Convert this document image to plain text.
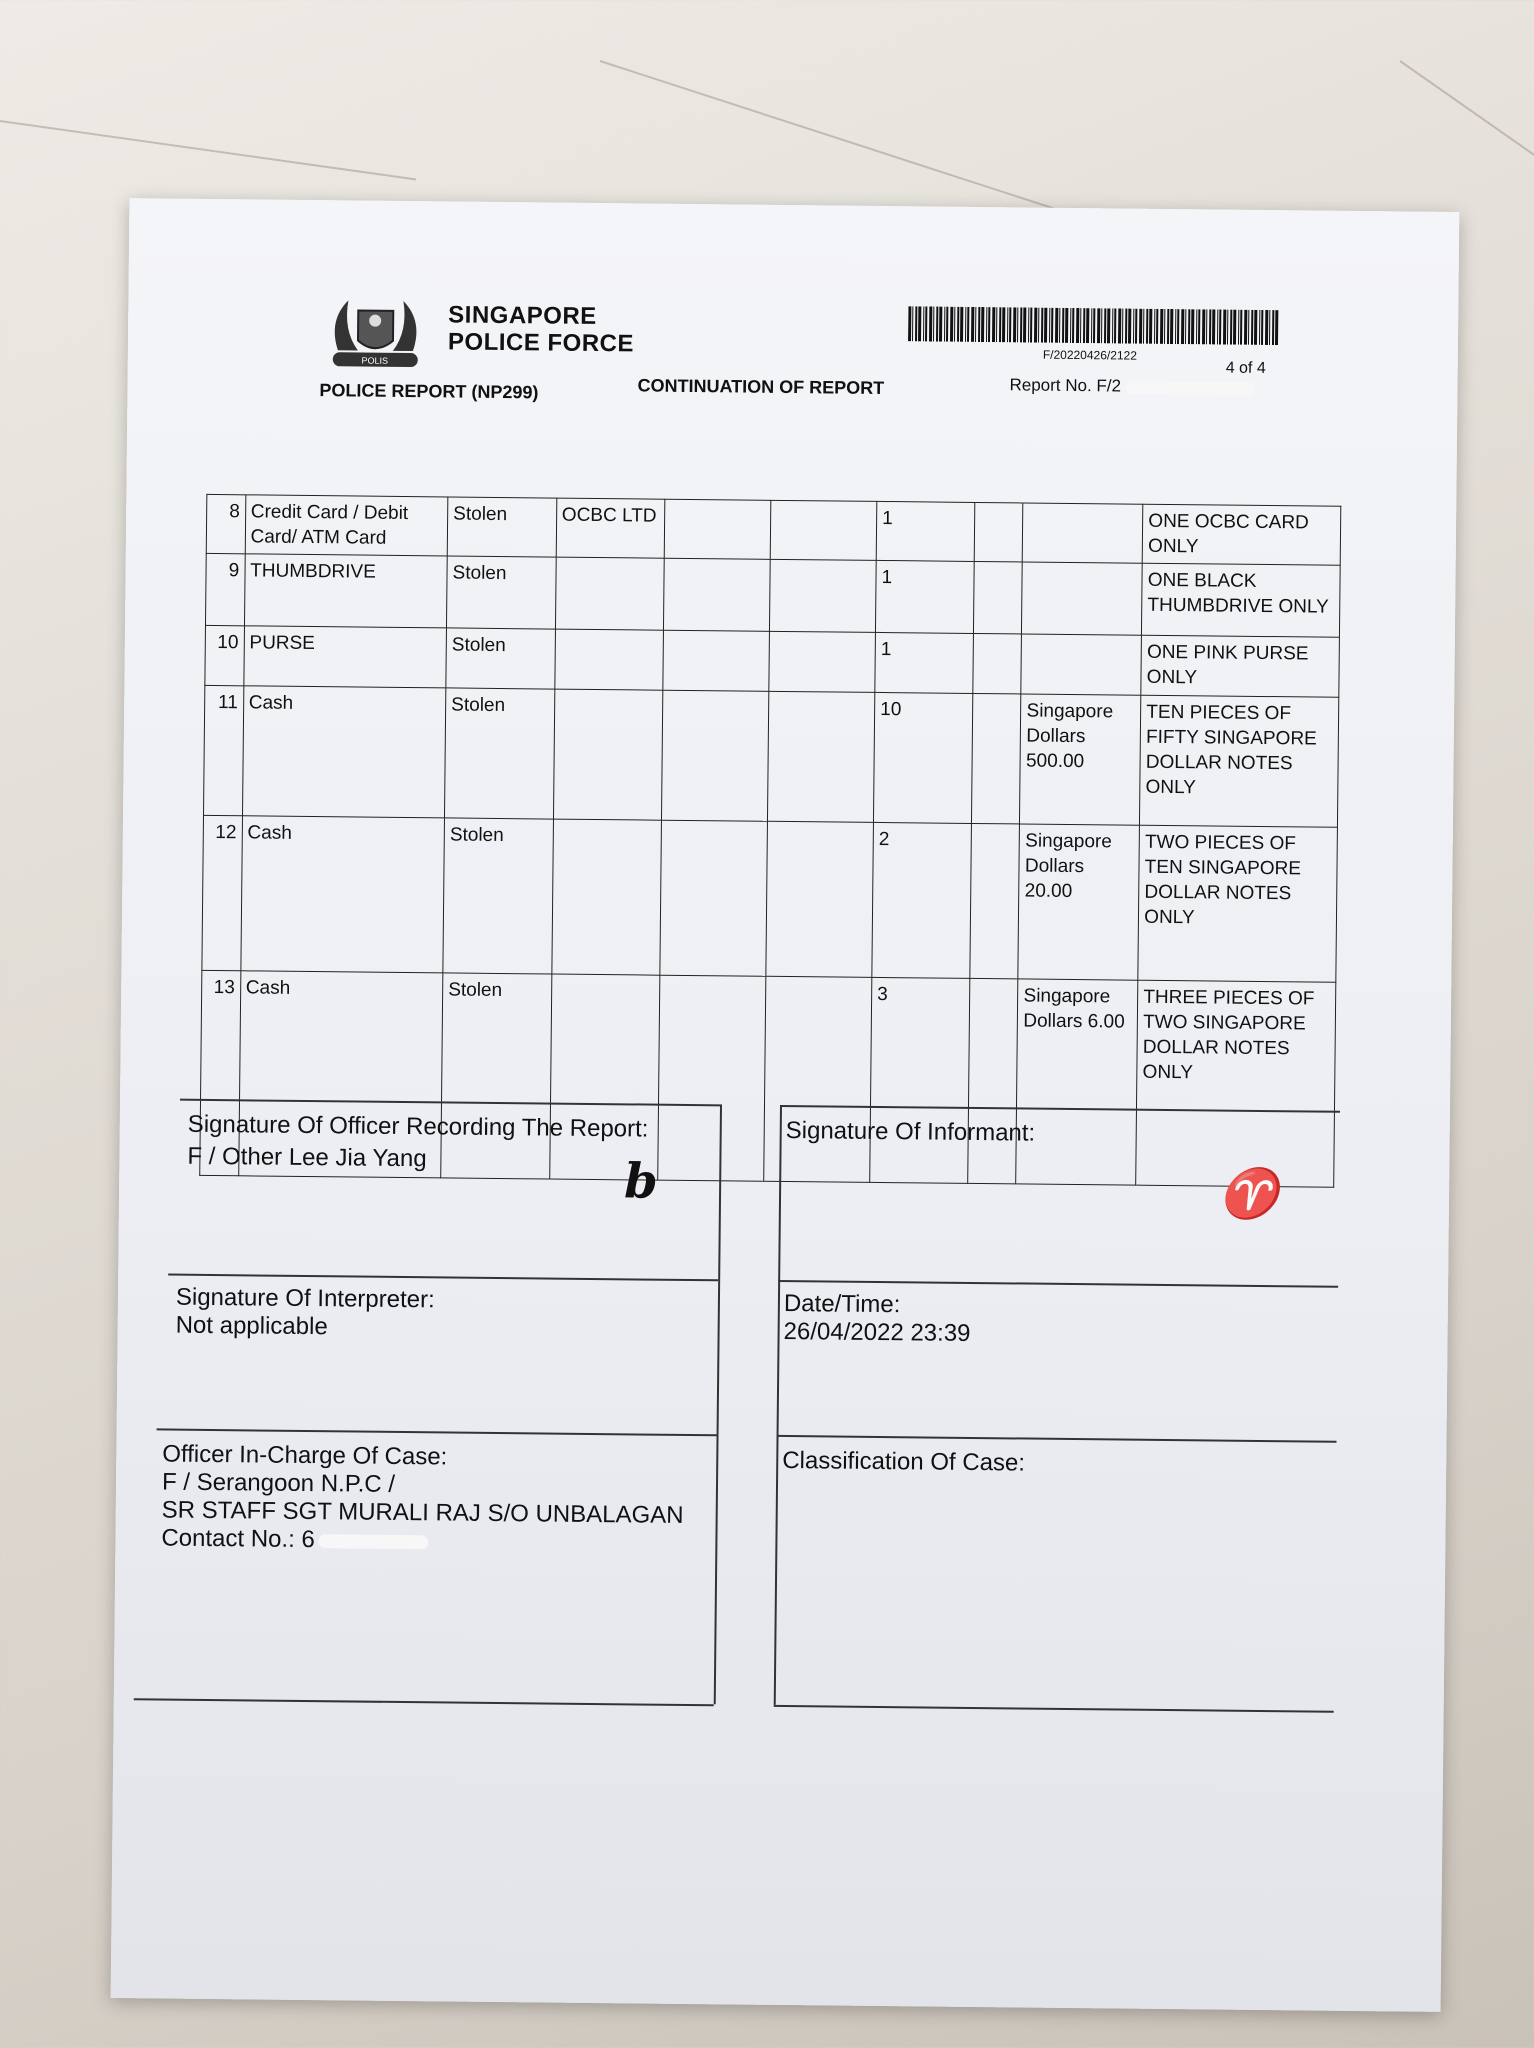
POLIS
SINGAPORE
POLICE FORCE
POLICE REPORT (NP299)	CONTINUATION OF REPORT
F/20220426/2122
4 of 4
Report No. F/2
8	Credit Card / Debit Card/ ATM Card	Stolen	OCBC LTD			1			ONE OCBC CARD ONLY
9	THUMBDRIVE	Stolen				1			ONE BLACK THUMBDRIVE ONLY
10	PURSE	Stolen				1			ONE PINK PURSE ONLY
11	Cash	Stolen				10		Singapore Dollars 500.00	TEN PIECES OF FIFTY SINGAPORE DOLLAR NOTES ONLY
12	Cash	Stolen				2		Singapore Dollars 20.00	TWO PIECES OF TEN SINGAPORE DOLLAR NOTES ONLY
13	Cash	Stolen				3		Singapore Dollars 6.00	THREE PIECES OF TWO SINGAPORE DOLLAR NOTES ONLY
Signature Of Officer Recording The Report:
F / Other Lee Jia Yang	b
Signature Of Informant:
♈
Signature Of Interpreter:
Not applicable
Date/Time:
26/04/2022 23:39
Officer In-Charge Of Case:
F / Serangoon N.P.C /
SR STAFF SGT MURALI RAJ S/O UNBALAGAN
Contact No.: 6
Classification Of Case:
